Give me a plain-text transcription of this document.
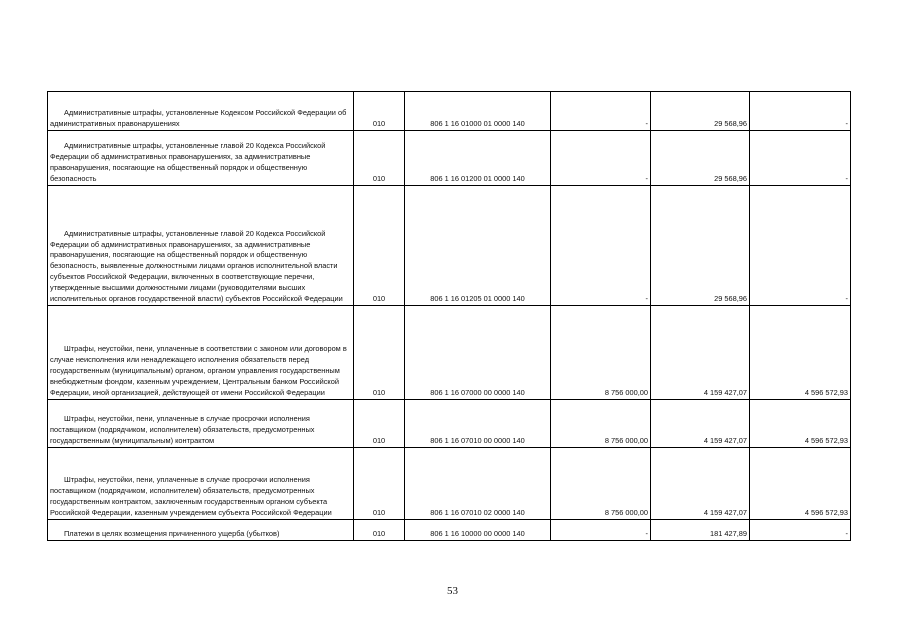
Административные штрафы, установленные Кодексом Российской Федерации об административных правонарушениях	010	806 1 16 01000 01 0000 140	-	29 568,96	-
Административные штрафы, установленные главой 20 Кодекса Российской Федерации об административных правонарушениях, за административные правонарушения, посягающие на общественный порядок и общественную безопасность	010	806 1 16 01200 01 0000 140	-	29 568,96	-
Административные штрафы, установленные главой 20 Кодекса Российской Федерации об административных правонарушениях, за административные правонарушения, посягающие на общественный порядок и общественную безопасность, выявленные должностными лицами органов исполнительной власти субъектов Российской Федерации, включенных в соответствующие перечни, утвержденные высшими должностными лицами (руководителями высших исполнительных органов государственной власти) субъектов Российской Федерации	010	806 1 16 01205 01 0000 140	-	29 568,96	-
Штрафы, неустойки, пени, уплаченные в соответствии с законом или договором в случае неисполнения или ненадлежащего исполнения обязательств перед государственным (муниципальным) органом, органом управления государственным внебюджетным фондом, казенным учреждением, Центральным банком Российской Федерации, иной организацией, действующей от имени Российской Федерации	010	806 1 16 07000 00 0000 140	8 756 000,00	4 159 427,07	4 596 572,93
Штрафы, неустойки, пени, уплаченные в случае просрочки исполнения поставщиком (подрядчиком, исполнителем) обязательств, предусмотренных государственным (муниципальным) контрактом	010	806 1 16 07010 00 0000 140	8 756 000,00	4 159 427,07	4 596 572,93
Штрафы, неустойки, пени, уплаченные в случае просрочки исполнения поставщиком (подрядчиком, исполнителем) обязательств, предусмотренных государственным контрактом, заключенным государственным органом субъекта Российской Федерации, казенным учреждением субъекта Российской Федерации	010	806 1 16 07010 02 0000 140	8 756 000,00	4 159 427,07	4 596 572,93
Платежи в целях возмещения причиненного ущерба (убытков)	010	806 1 16 10000 00 0000 140	-	181 427,89	-
53
